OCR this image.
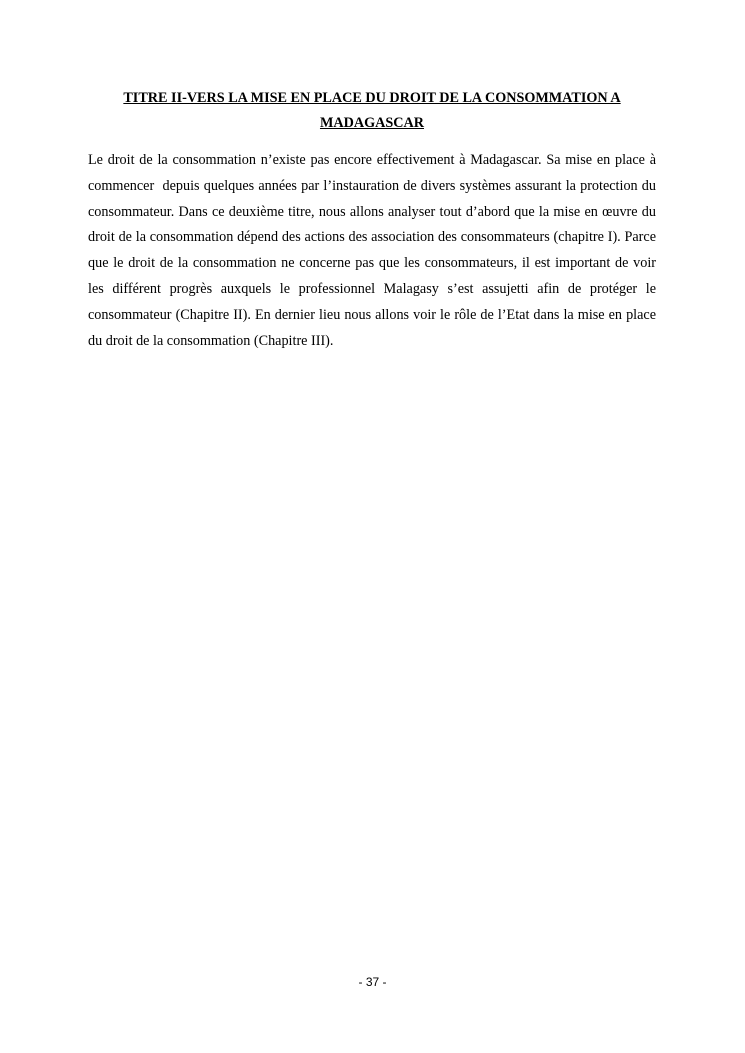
TITRE II-VERS LA MISE EN PLACE DU DROIT DE LA CONSOMMATION A
MADAGASCAR

Le droit de la consommation n’existe pas encore effectivement à Madagascar. Sa mise en place à commencer  depuis quelques années par l’instauration de divers systèmes assurant la protection du consommateur. Dans ce deuxième titre, nous allons analyser tout d’abord que la mise en œuvre du droit de la consommation dépend des actions des association des consommateurs (chapitre I). Parce que le droit de la consommation ne concerne pas que les consommateurs, il est important de voir les différent progrès auxquels le professionnel Malagasy s’est assujetti afin de protéger le consommateur (Chapitre II). En dernier lieu nous allons voir le rôle de l’Etat dans la mise en place du droit de la consommation (Chapitre III).

- 37 -
